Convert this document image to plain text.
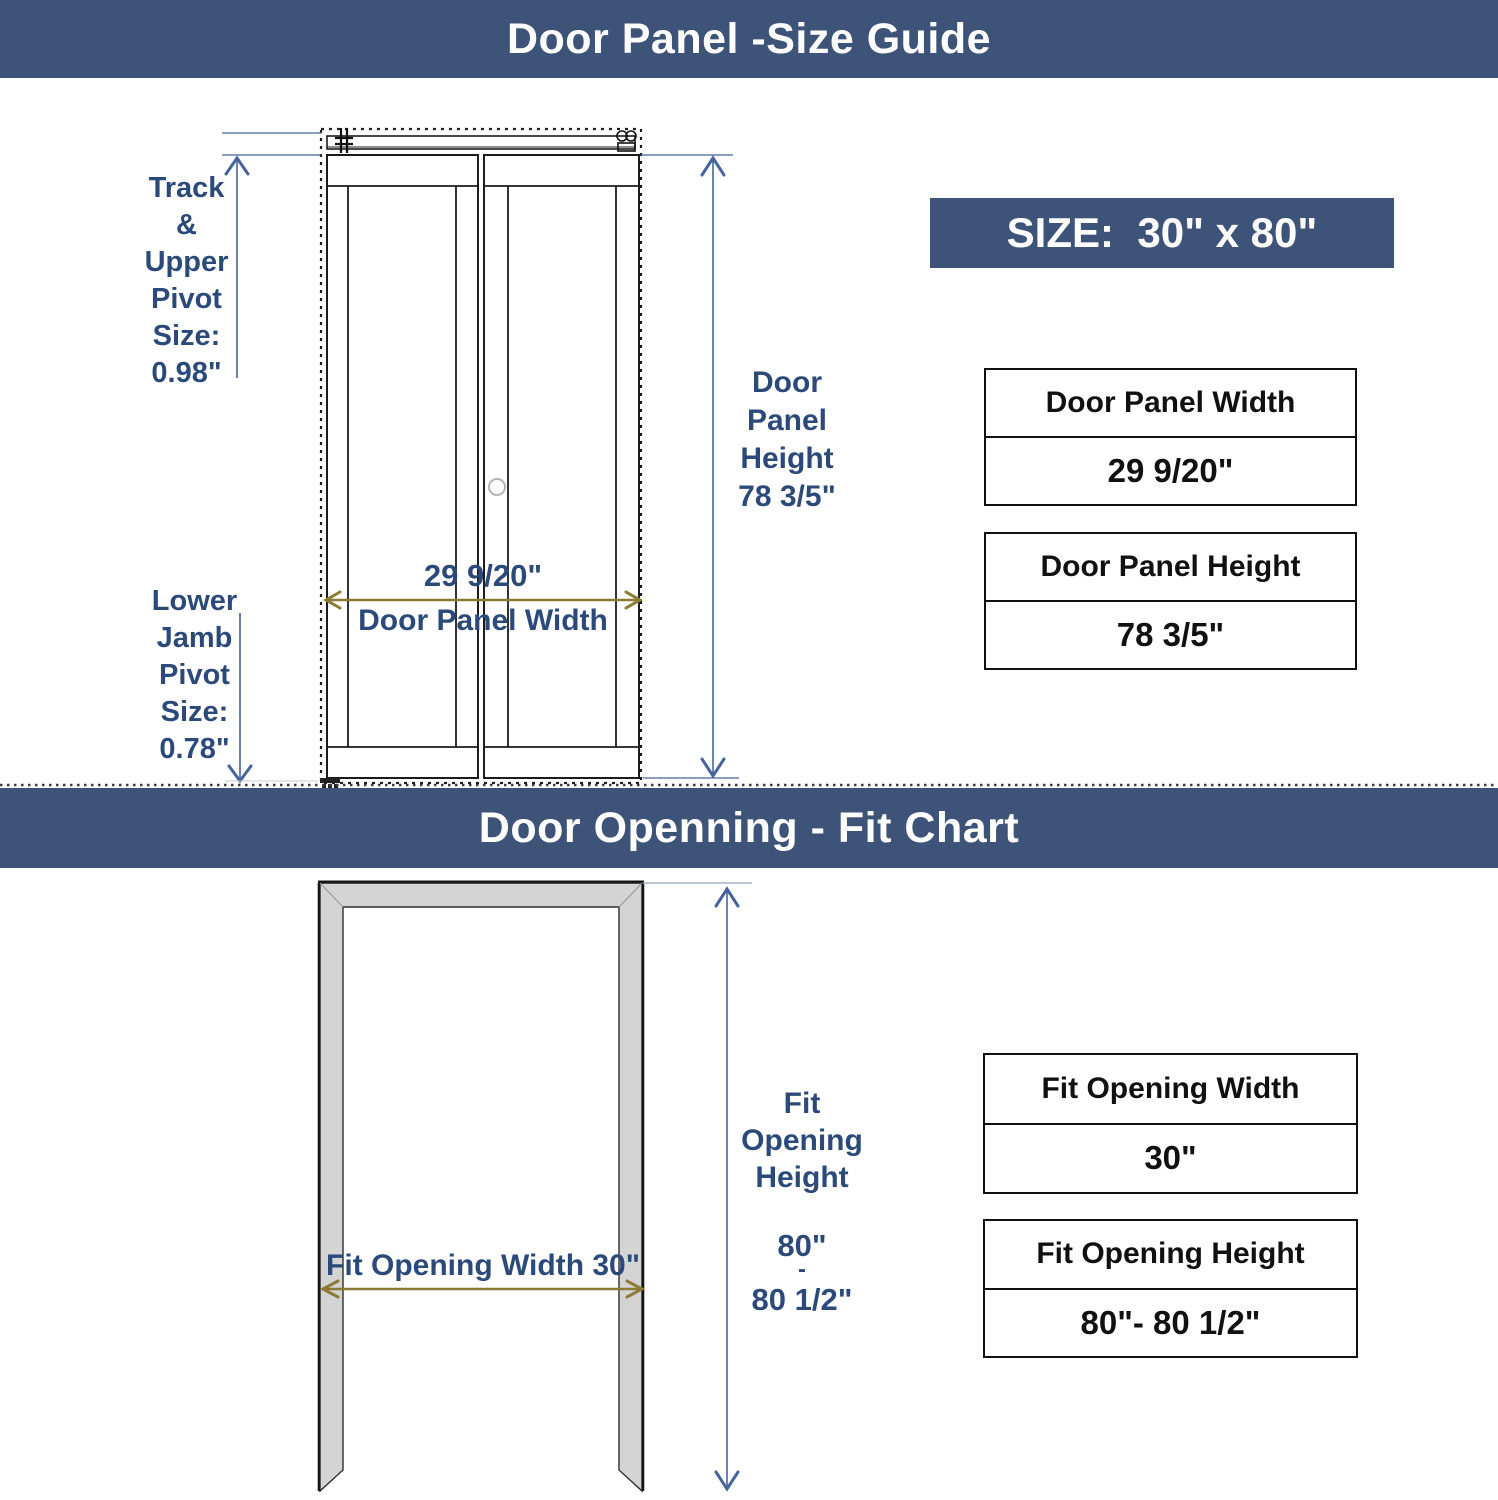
Door Panel -Size Guide
Track
&
Upper
Pivot
Size:
0.98"
Lower
Jamb
Pivot
Size:
0.78"
29 9/20"
Door Panel Width
Door
Panel
Height
78 3/5"
SIZE:  30" x 80"
Door Panel Width
29 9/20"
Door Panel Height
78 3/5"
Door Openning - Fit Chart
Fit Opening Width 30"
Fit
Opening
Height
80"
-
80 1/2"
Fit Opening Width
30"
Fit Opening Height
80"- 80 1/2"
